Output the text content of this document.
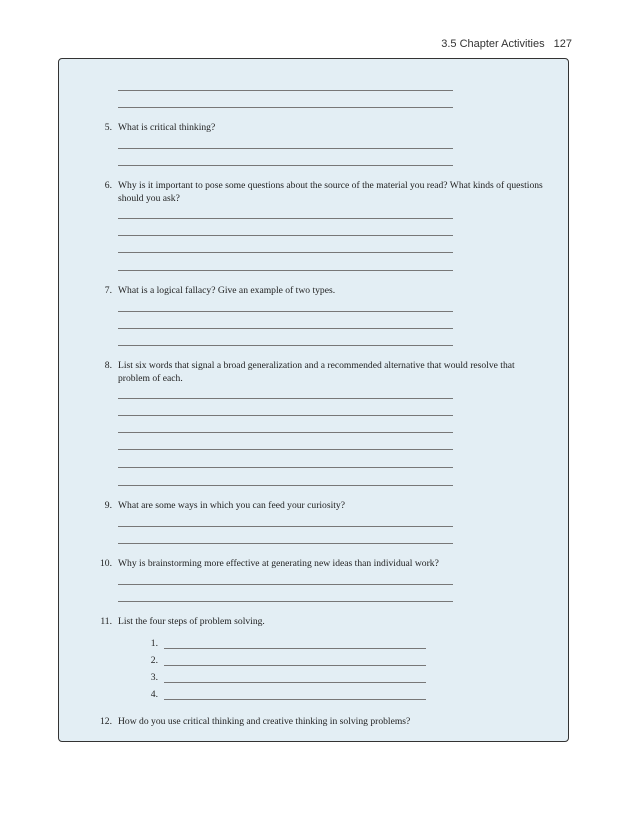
3.5 Chapter Activities 127
5. What is critical thinking?
6. Why is it important to pose some questions about the source of the material you read? What kinds of questions should you ask?
7. What is a logical fallacy? Give an example of two types.
8. List six words that signal a broad generalization and a recommended alternative that would resolve that problem of each.
9. What are some ways in which you can feed your curiosity?
10. Why is brainstorming more effective at generating new ideas than individual work?
11. List the four steps of problem solving.
1.
2.
3.
4.
12. How do you use critical thinking and creative thinking in solving problems?
